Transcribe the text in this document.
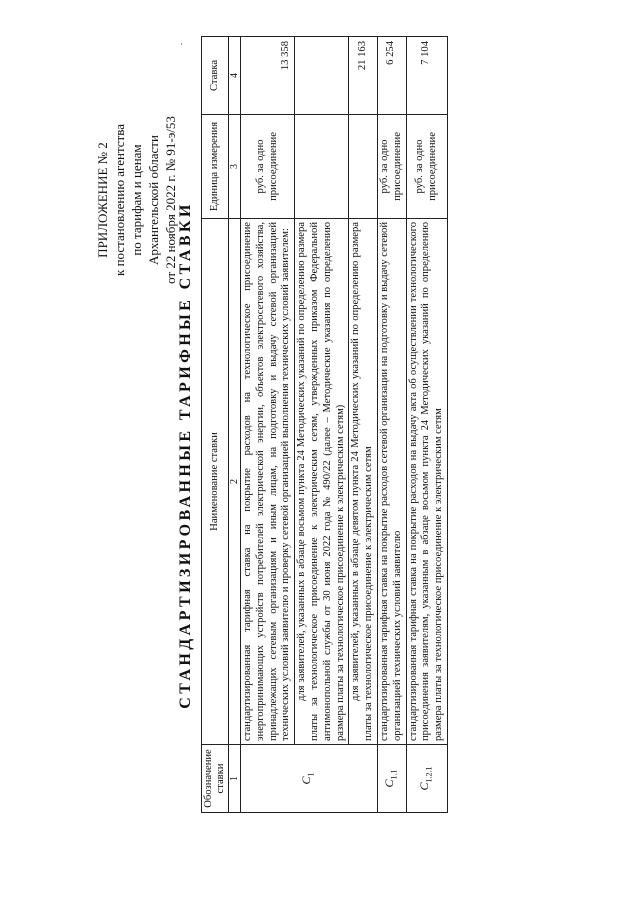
ПРИЛОЖЕНИЕ № 2 к постановлению агентства по тарифам и ценам Архангельской области от 22 ноября 2022 г. № 91-э/53
СТАНДАРТИЗИРОВАННЫЕ ТАРИФНЫЕ СТАВКИ
Обозначение ставки	Наименование ставки	Единица измерения	Ставка
1	2	3	4
$C_1$	стандартизированная тарифная ставка на покрытие расходов на технологическое присоединение энергопринимающих устройств потребителей электрической энергии, объектов электросетевого хозяйства, принадлежащих сетевым организациям и иным лицам, на подготовку и выдачу сетевой организацией технических условий заявителю и проверку сетевой организацией выполнения технических условий заявителем:	руб. за одно присоединение	13 358

	для заявителей, указанных в абзаце восьмом пункта 24 Методических указаний по определению размера платы за технологическое присоединение к электрическим сетям, утвержденных приказом Федеральной антимонопольной службы от 30 июня 2022 года № 490/22 (далее – Методические указания по определению размера платы за технологическое присоединение к электрическим сетям)		

	для заявителей, указанных в абзаце девятом пункта 24 Методических указаний по определению размера платы за технологическое присоединение к электрическим сетям		21 163
$C_{1.1}$	стандартизированная тарифная ставка на покрытие расходов сетевой организации на подготовку и выдачу сетевой организацией технических условий заявителю	руб. за одно присоединение	6 254
$C_{1.2.1}$	стандартизированная тарифная ставка на покрытие расходов на выдачу акта об осуществлении технологического присоединения заявителям, указанным в абзаце восьмом пункта 24 Методических указаний по определению размера платы за технологическое присоединение к электрическим сетям	руб. за одно присоединение	7 104
